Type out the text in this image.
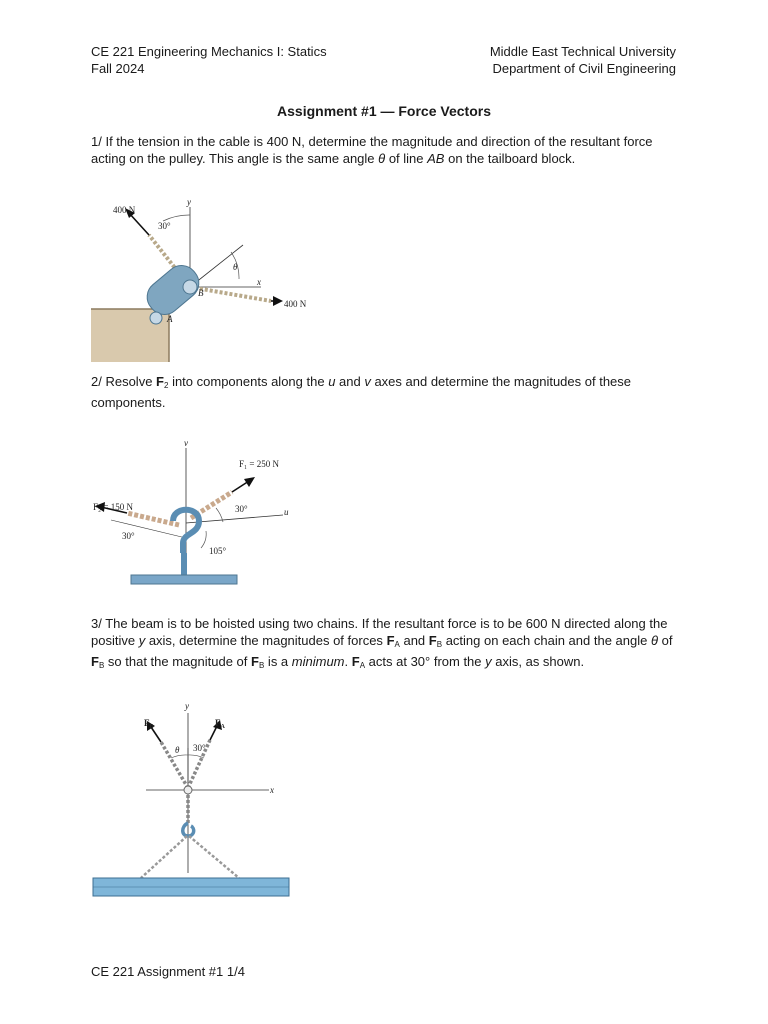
CE 221 Engineering Mechanics I: Statics
Fall 2024
Middle East Technical University
Department of Civil Engineering
Assignment #1 — Force Vectors
1/ If the tension in the cable is 400 N, determine the magnitude and direction of the resultant force acting on the pulley. This angle is the same angle θ of line AB on the tailboard block.
400 N
400 N
30°
θ
x
y
A
B
2/ Resolve $F_2$ into components along the u and v axes and determine the magnitudes of these components.
F₁ = 250 N
F₂ = 150 N	30°
30°
105°
u
v
3/ The beam is to be hoisted using two chains. If the resultant force is to be 600 N directed along the positive y axis, determine the magnitudes of forces $F_A$ and $F_B$ acting on each chain and the angle θ of $F_B$ so that the magnitude of $F_B$ is a minimum. $F_A$ acts at 30° from the y axis, as shown.
$F_B$	$F_A$
θ 30°
x
y
CE 221 Assignment #1 1/4
